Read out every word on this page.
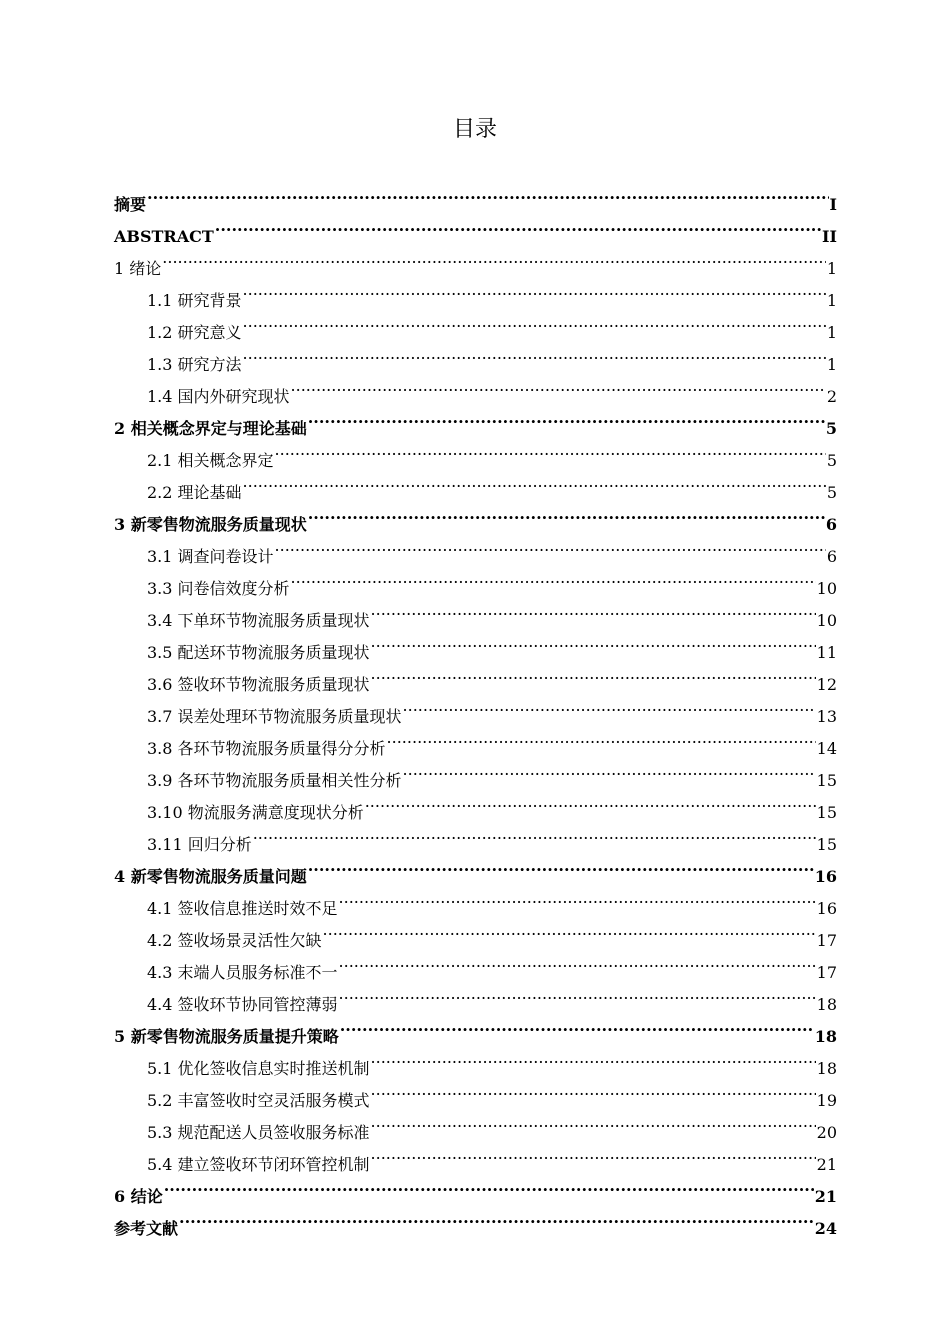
目录
摘要 .....	I
ABSTRACT .....	II
1 绪论 .....	1
1.1 研究背景 .....	1
1.2 研究意义 .....	1
1.3 研究方法 .....	1
1.4 国内外研究现状 .....	2
2 相关概念界定与理论基础 .....	5
2.1 相关概念界定 .....	5
2.2 理论基础 .....	5
3 新零售物流服务质量现状 .....	6
3.1 调查问卷设计 .....	6
3.3 问卷信效度分析 .....	10
3.4 下单环节物流服务质量现状 .....	10
3.5 配送环节物流服务质量现状 .....	11
3.6 签收环节物流服务质量现状 .....	12
3.7 误差处理环节物流服务质量现状 .....	13
3.8 各环节物流服务质量得分分析 .....	14
3.9 各环节物流服务质量相关性分析 .....	15
3.10 物流服务满意度现状分析 .....	15
3.11 回归分析 .....	15
4 新零售物流服务质量问题 .....	16
4.1 签收信息推送时效不足 .....	16
4.2 签收场景灵活性欠缺 .....	17
4.3 末端人员服务标准不一 .....	17
4.4 签收环节协同管控薄弱 .....	18
5 新零售物流服务质量提升策略 .....	18
5.1 优化签收信息实时推送机制 .....	18
5.2 丰富签收时空灵活服务模式 .....	19
5.3 规范配送人员签收服务标准 .....	20
5.4 建立签收环节闭环管控机制 .....	21
6 结论 .....	21
参考文献 .....	24
